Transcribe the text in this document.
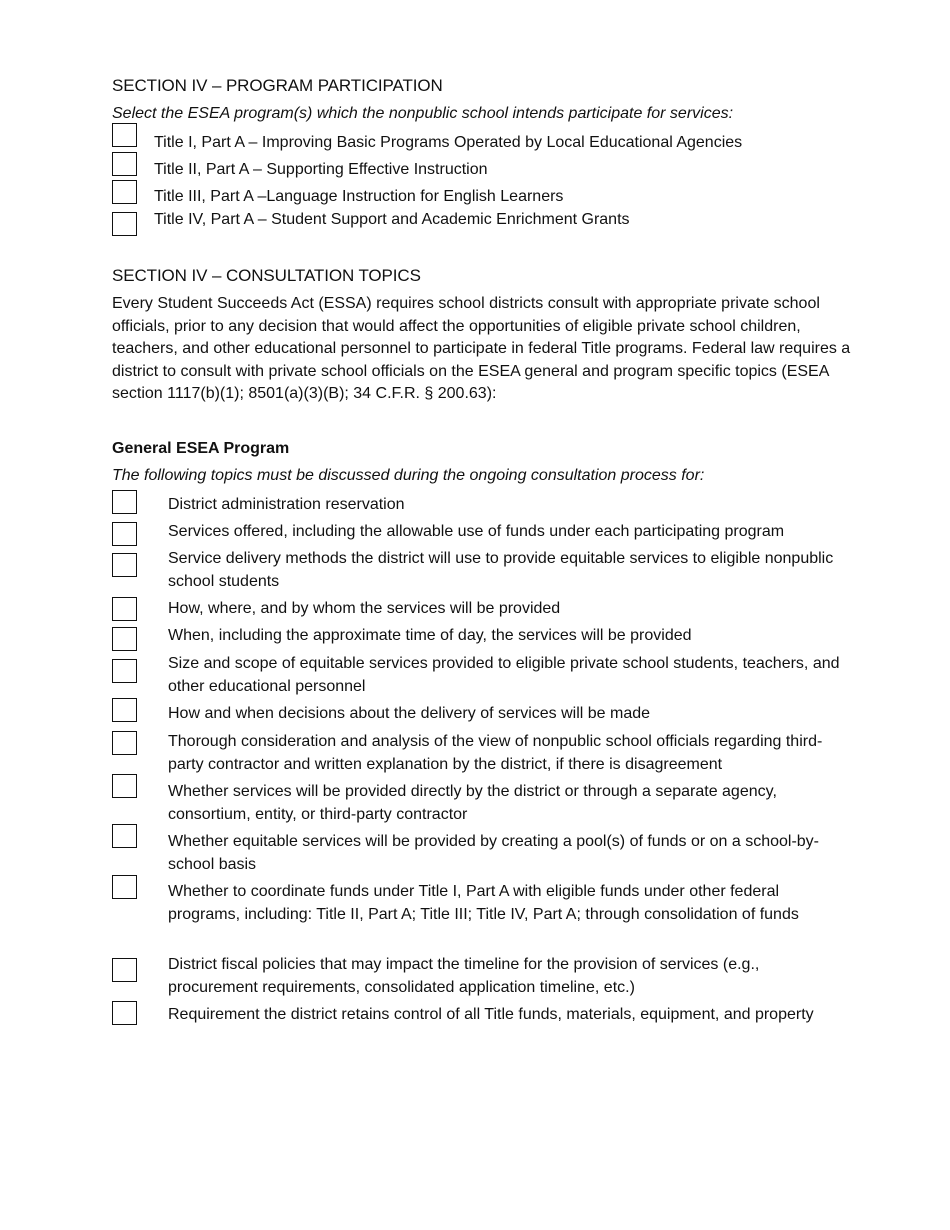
SECTION IV – PROGRAM PARTICIPATION

Select the ESEA program(s) which the nonpublic school intends participate for services:

Title I, Part A – Improving Basic Programs Operated by Local Educational Agencies

Title II, Part A – Supporting Effective Instruction

Title III, Part A –Language Instruction for English Learners

Title IV, Part A – Student Support and Academic Enrichment Grants

SECTION IV – CONSULTATION TOPICS

Every Student Succeeds Act (ESSA) requires school districts consult with appropriate private school officials, prior to any decision that would affect the opportunities of eligible private school children, teachers, and other educational personnel to participate in federal Title programs. Federal law requires a district to consult with private school officials on the ESEA general and program specific topics (ESEA section 1117(b)(1); 8501(a)(3)(B); 34 C.F.R. § 200.63):

General ESEA Program

The following topics must be discussed during the ongoing consultation process for:

District administration reservation

Services offered, including the allowable use of funds under each participating program

Service delivery methods the district will use to provide equitable services to eligible nonpublic school students

How, where, and by whom the services will be provided

When, including the approximate time of day, the services will be provided

Size and scope of equitable services provided to eligible private school students, teachers, and other educational personnel

How and when decisions about the delivery of services will be made

Thorough consideration and analysis of the view of nonpublic school officials regarding third-party contractor and written explanation by the district, if there is disagreement

Whether services will be provided directly by the district or through a separate agency, consortium, entity, or third-party contractor

Whether equitable services will be provided by creating a pool(s) of funds or on a school-by-school basis

Whether to coordinate funds under Title I, Part A with eligible funds under other federal programs, including: Title II, Part A; Title III; Title IV, Part A; through consolidation of funds

District fiscal policies that may impact the timeline for the provision of services (e.g., procurement requirements, consolidated application timeline, etc.)

Requirement the district retains control of all Title funds, materials, equipment, and property
